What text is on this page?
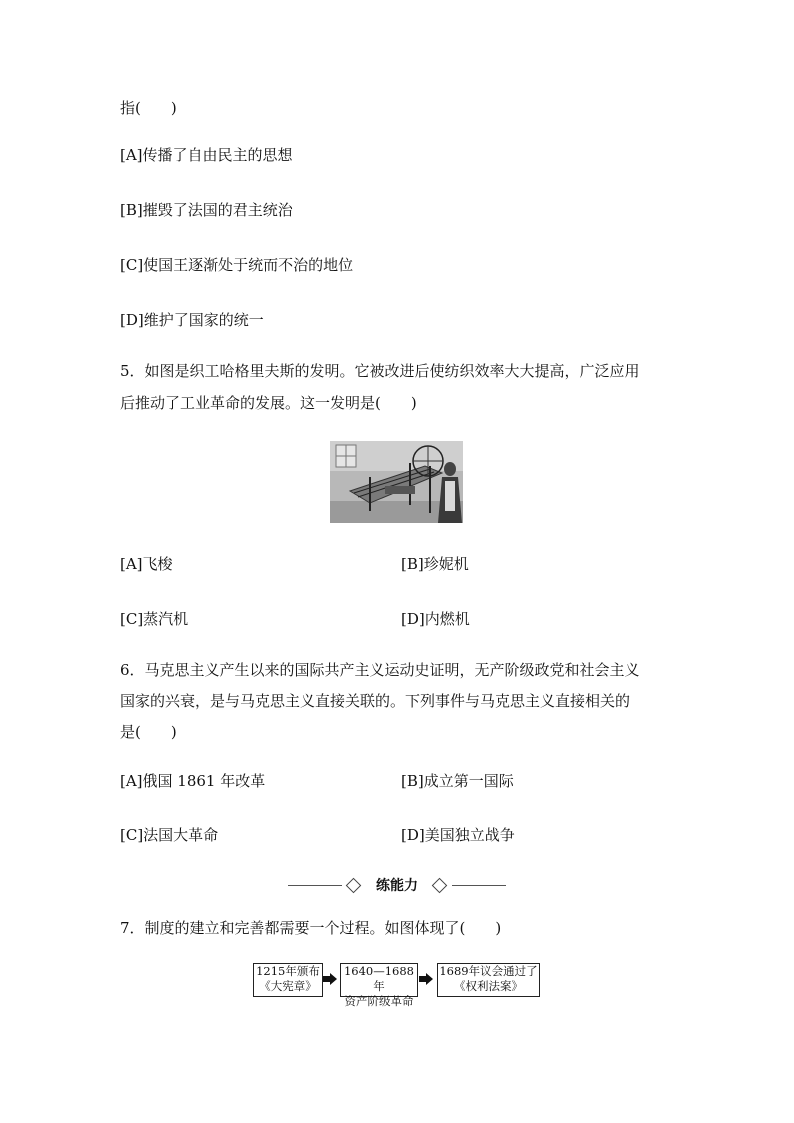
指(　　)
[A]传播了自由民主的思想
[B]摧毁了法国的君主统治
[C]使国王逐渐处于统而不治的地位
[D]维护了国家的统一
5．如图是织工哈格里夫斯的发明。它被改进后使纺织效率大大提高，广泛应用
后推动了工业革命的发展。这一发明是(　　)
[A]飞梭	[B]珍妮机
[C]蒸汽机	[D]内燃机
6．马克思主义产生以来的国际共产主义运动史证明，无产阶级政党和社会主义
国家的兴衰，是与马克思主义直接关联的。下列事件与马克思主义直接相关的
是(　　)
[A]俄国 1861 年改革	[B]成立第一国际
[C]法国大革命	[D]美国独立战争
练能力
7．制度的建立和完善都需要一个过程。如图体现了(　　)
1215年颁布
《大宪章》
1640—1688年
资产阶级革命
1689年议会通过了
《权利法案》
